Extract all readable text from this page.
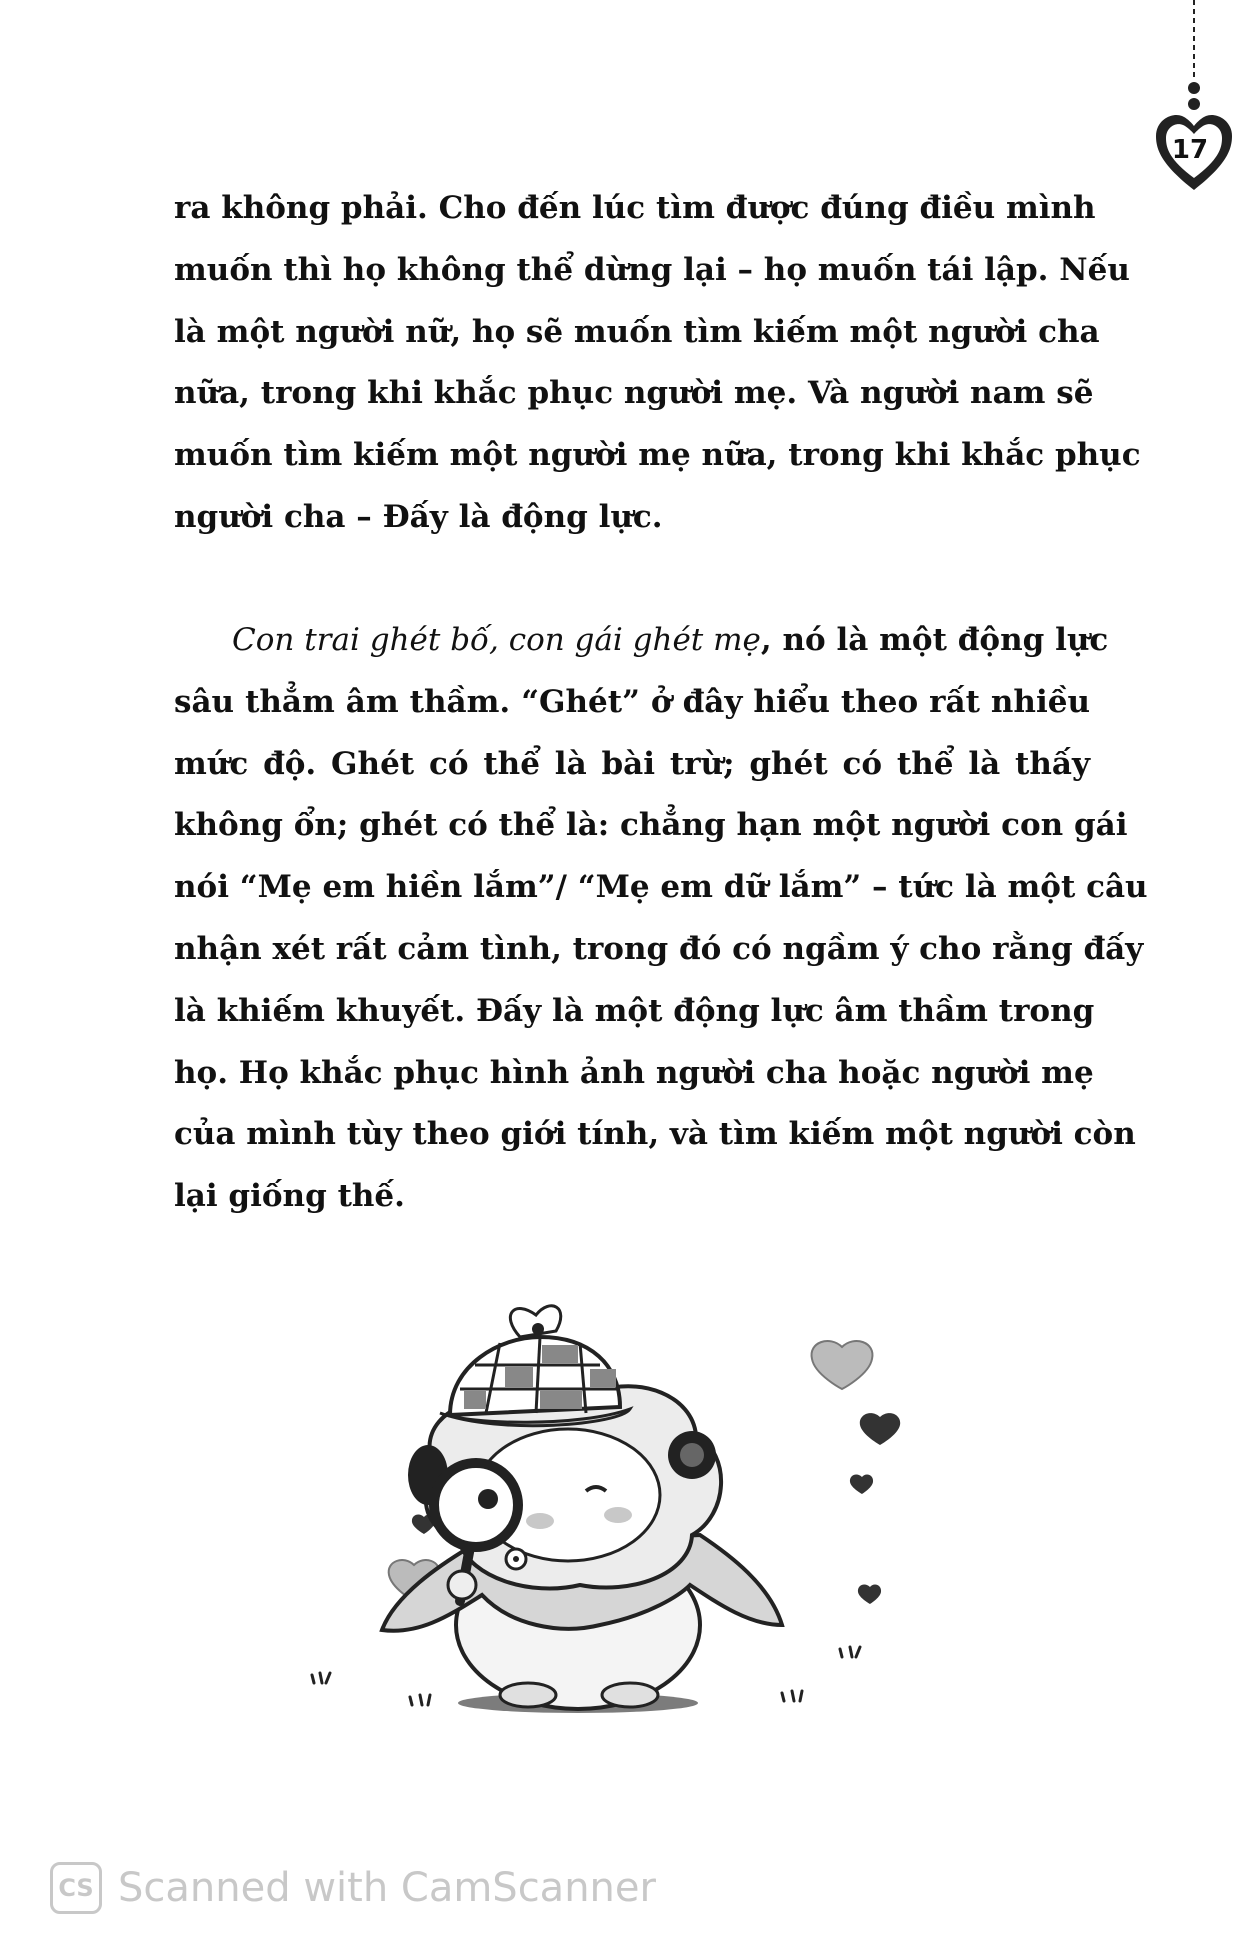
17
ra không phải. Cho đến lúc tìm được đúng điều mình
muốn thì họ không thể dừng lại – họ muốn tái lập. Nếu
là một người nữ, họ sẽ muốn tìm kiếm một người cha
nữa, trong khi khắc phục người mẹ. Và người nam sẽ
muốn tìm kiếm một người mẹ nữa, trong khi khắc phục
người cha – Đấy là động lực.
Con trai ghét bố, con gái ghét mẹ, nó là một động lực
sâu thẳm âm thầm. “Ghét” ở đây hiểu theo rất nhiều
mức độ. Ghét có thể là bài trừ; ghét có thể là thấy
không ổn; ghét có thể là: chẳng hạn một người con gái
nói “Mẹ em hiền lắm”/ “Mẹ em dữ lắm” – tức là một câu
nhận xét rất cảm tình, trong đó có ngầm ý cho rằng đấy
là khiếm khuyết. Đấy là một động lực âm thầm trong
họ. Họ khắc phục hình ảnh người cha hoặc người mẹ
của mình tùy theo giới tính, và tìm kiếm một người còn
lại giống thế.
CS Scanned with CamScanner
